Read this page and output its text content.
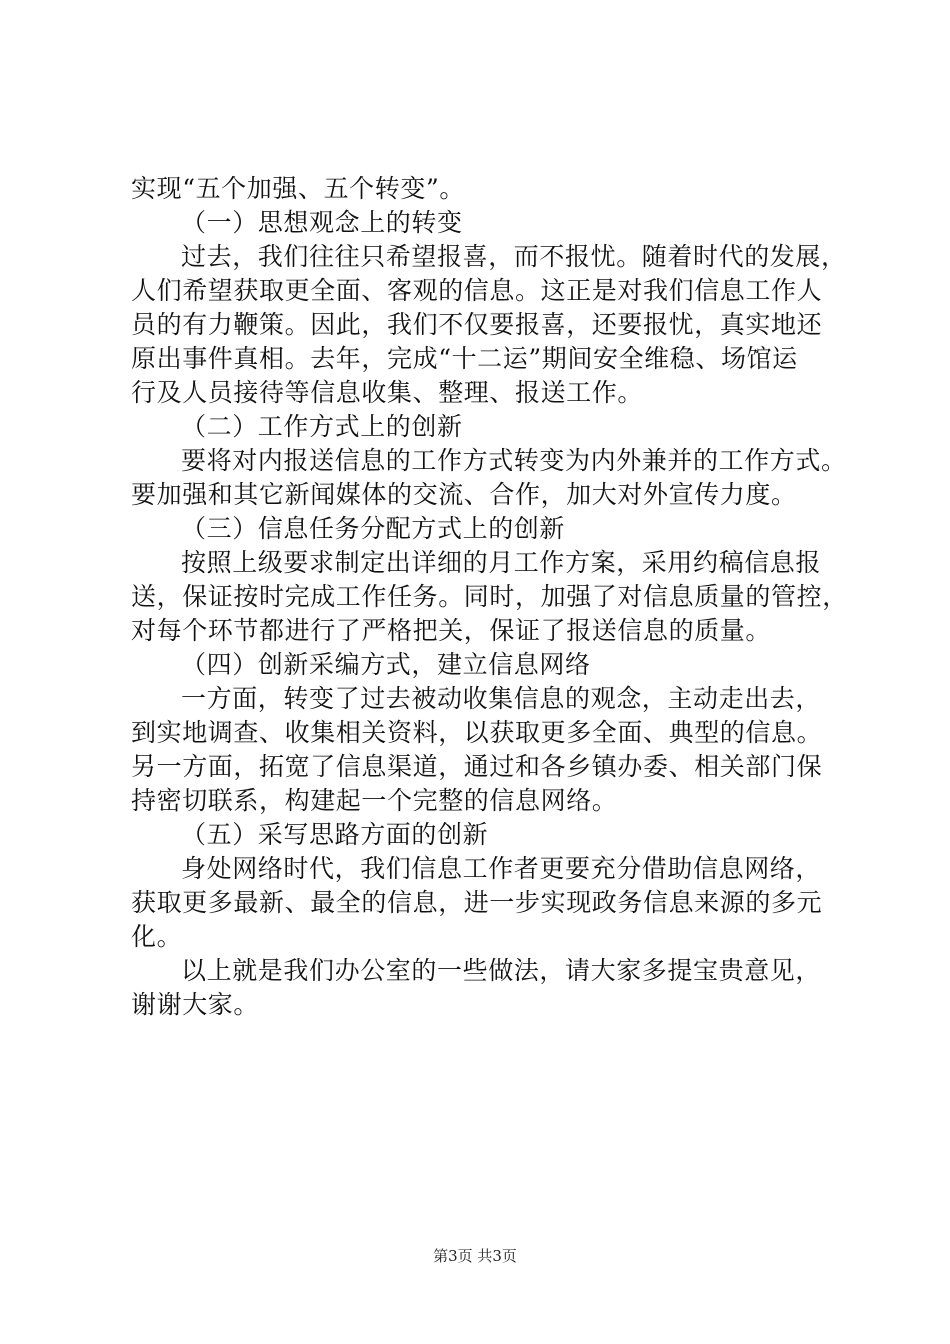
实现“五个加强、五个转变”。
（一）思想观念上的转变
过去，我们往往只希望报喜，而不报忧。随着时代的发展，
人们希望获取更全面、客观的信息。这正是对我们信息工作人
员的有力鞭策。因此，我们不仅要报喜，还要报忧，真实地还
原出事件真相。去年，完成“十二运”期间安全维稳、场馆运
行及人员接待等信息收集、整理、报送工作。
（二）工作方式上的创新
要将对内报送信息的工作方式转变为内外兼并的工作方式。
要加强和其它新闻媒体的交流、合作，加大对外宣传力度。
（三）信息任务分配方式上的创新
按照上级要求制定出详细的月工作方案，采用约稿信息报
送，保证按时完成工作任务。同时，加强了对信息质量的管控，
对每个环节都进行了严格把关，保证了报送信息的质量。
（四）创新采编方式，建立信息网络
一方面，转变了过去被动收集信息的观念，主动走出去，
到实地调查、收集相关资料，以获取更多全面、典型的信息。
另一方面，拓宽了信息渠道，通过和各乡镇办委、相关部门保
持密切联系，构建起一个完整的信息网络。
（五）采写思路方面的创新
身处网络时代，我们信息工作者更要充分借助信息网络，
获取更多最新、最全的信息，进一步实现政务信息来源的多元
化。
以上就是我们办公室的一些做法，请大家多提宝贵意见，
谢谢大家。
第3页 共3页
